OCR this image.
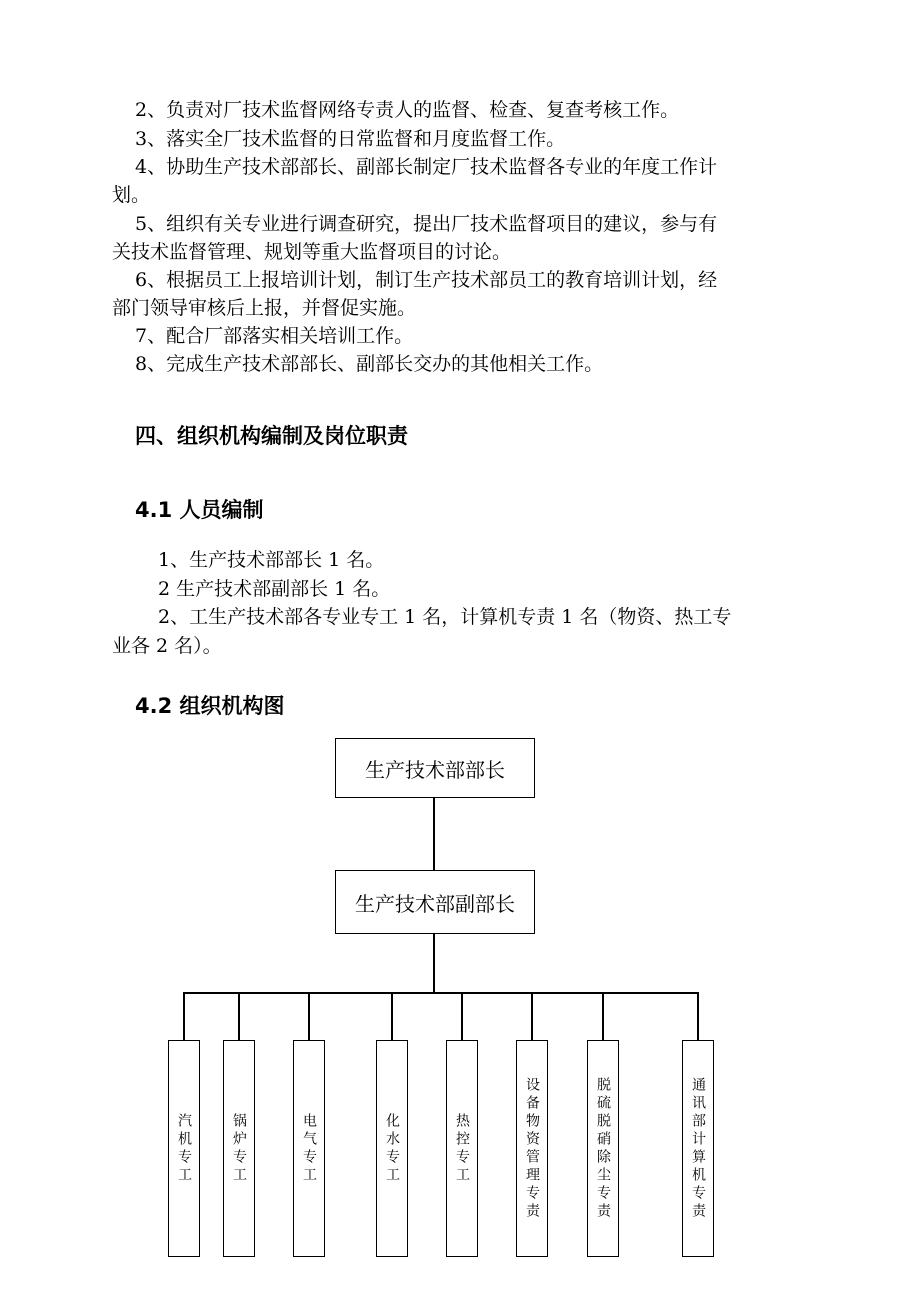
2、负责对厂技术监督网络专责人的监督、检查、复查考核工作。
3、落实全厂技术监督的日常监督和月度监督工作。
4、协助生产技术部部长、副部长制定厂技术监督各专业的年度工作计
划。
5、组织有关专业进行调查研究，提出厂技术监督项目的建议，参与有
关技术监督管理、规划等重大监督项目的讨论。
6、根据员工上报培训计划，制订生产技术部员工的教育培训计划，经
部门领导审核后上报，并督促实施。
7、配合厂部落实相关培训工作。
8、完成生产技术部部长、副部长交办的其他相关工作。
四、组织机构编制及岗位职责
4.1 人员编制
1、生产技术部部长 1 名。
2 生产技术部副部长 1 名。
2、工生产技术部各专业专工 1 名，计算机专责 1 名（物资、热工专
业各 2 名）。
4.2 组织机构图
生产技术部部长
生产技术部副部长
汽机专工	锅炉专工	电气专工	化水专工	热控专工	设备物资管理专责	脱硫脱硝除尘专责	通讯部计算机专责
